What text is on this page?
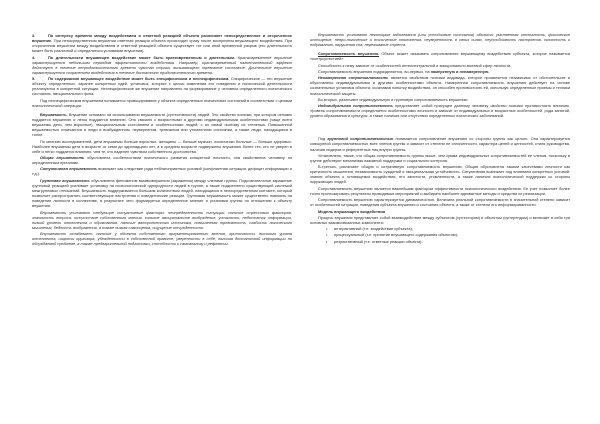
3.	По интересу времени между воздействием и ответной реакцией объекта различают непосредственное и отсроченное внушение. При непосредственном внушении ответная реакция объекта происходит сразу после восприятия внушающего воздействия. При отсроченном внушении между воздействием и ответной реакцией объекта существует тот или иной временной разрыв (его длительность может быть различной и определяться условиями внушения).

4.	По длительности внушающее воздействие может быть кратковременным и длительным. Кратковременное внушение характеризуется небольшим периодом эффективности воздействия. Например, кратковременный нагнетательный эффект действует в течение непродолжительного времени чувства страха, вызывающего тревожное состояние. Длительное внушение характеризуется сохранением воздействия в течение достаточно продолжительного времени.

5.	По содержанию внушающее воздействие может быть специфическим и неспецифическим. Специфическое — это внушение объекту определенных, заранее конкретных идей, установок, которые с целью изменения его поведения и психической деятельности реализуются в конкретной ситуации. Неспецифическое же внушение направлено на формирование у человека определенного психического состояния, эмоционального фона.

Под неспецифическим внушением понимается провоцирование у объекта определенных психических состояний в соответствии с целями психологической операции.

Внушаемость. Внушение основано на использовании внушаемости (суггестивности) людей. Это свойство психики, при котором человек поддается внушению и легко поддается влиянию. Оно связано с возрастными и другими индивидуальными особенностями (чаще всего внушаемы дети, чем взрослые), эмоциональным состоянием и особенностями людей, с их самой поэтому их степенью. Повышенной внушаемостью отличаются и люди в возбужденном, неуверенном, тревожном или утомленном состоянии, а также люди, находящиеся в толпе.

По мнению исследователей, дети внушаемы больше взрослых, женщины — больше мужчин, психически больные — больше здоровых. Наиболее внушаемы дети в возрасте от семи до одиннадцати лет, а в среднем возрасте подвержены внушению более тех, кто не уверен в себе и легко поддается влиянию, чем те, кто наделен чувством собственного достоинства.

Общая внушаемость обусловлена особенностями психического развития конкретной личности, она свойственна человеку по определенным причинам.

Ситуативная внушаемость возникает как следствие ряда неблагоприятных условий (конфликтная ситуация, дефицит информации и т.д.).

Групповая внушаемость обусловлена феноменом взаимовнушения (заражения) между членами группы. Подсознательное заражение групповой реакцией усиливает установку на психологической однородности людей в группе, а также подкреплено существующей системой межгрупповых отношений. Внушаемость поддерживается большим количеством людей, находящихся в непосредственном контакте, который позволяет распространять соответствующие настроения и поведенческие реакции. Групповая внушаемость может существенно повлиять на поведение личности в коллективе, в результате чего формируется определенное мнение и установки группы по отношению к объекту внушения.

Внушаемость усиливают следующие ситуативные факторы: неопределенность ситуации, наличие стрессовых факторов, значимость вопроса, отсутствие собственного мнения, сильное эмоциональное возбуждение, усталость, недостаток информации, низкий уровень интеллекта и образования, наличие авторитетного источника, повышенная тревожность, слабость логического мышления, бедность воображения, а также низкая самооценка, ощущение отчужденности.

Внушаемость ослабевает: наличие у объекта собственного аргументированного мнения, критичности, высокого уровня интеллекта, широты кругозора, убежденности в собственной правоте, уверенности в себе, наличия достаточной информации по обсуждаемой проблеме, а также предварительной подготовки, способности к самоанализу и рефлексии.

Внушаемость усиливают некоторые заболевания (или устойчивые состояния) объекта: умственная отсталость, физическое истощение, невро-логические и психические отклонения, неуверенность в своих силах, неустойчивость настроения, склонность к подражанию, нарушения сна, переживание стресса.

Сопротивляемость внушению. Объект может оказывать сопротивление внушающему воздействию субъекта, которое называется «контрсуггестией».

Способность к нему зависит от особенностей интеллектуальной и эмоционально-волевой сфер личности.

Сопротивляемость внушению подразделяется, во-первых, на намеренную и ненамеренную.

Ненамеренная сопротивляемость является свойством психики индивида, которое проявляется независимо от обстоятельств и обусловлено индивидуальными и другими особенностями объекта. Намеренная сопротивляемость внушению действует на основе сознательных установок объекта; осознавая попытку воздействия, он способен противостоять ей, используя определенные приемы и техники психологической защиты.

Во-вторых, различают индивидуальную и групповую сопротивляемость внушению.

Индивидуальная сопротивляемость представляет собой присущее данному человеку свойство психики противостоять влиянию. Уровень сопротивляемости определяется особенностями личности и зависит от индивидуальных и возрастных особенностей, рода занятий, уровня образования и культуры, а также наличия или отсутствия определенных психических заболеваний.

Под групповой сопротивляемостью понимается сопротивление внушению со стороны группы как целого. Она характеризуется совокупной сопротивляемостью всех членов группы и зависит от степени ее сплоченности, характера целей и ценностей, стиля руководства, наличия лидеров и референтных лиц внутри группы.

Установлено, также, что общая сопротивляемость группы выше, чем сумма индивидуальных сопротивляемостей ее членов, поскольку в группе действуют механизмы взаимной поддержки и социального контроля.

В-третьих, различают общую и ситуативную сопротивляемость внушению. Общая обусловлена такими качествами личности как критичность мышления, независимость суждений и эмоциональная устойчивость. Ситуативная возникает под влиянием конкретных условий: знания объекта о готовящемся воздействии, его занятости, утомленности, а также наличия психологической поддержки со стороны окружающих людей.

Сопротивляемость внушению является важнейшим фактором эффективности психологического воздействия. Ее учет позволяет более точно прогнозировать результаты проводимых мероприятий и выбирать наиболее адекватные методы и средства их реализации.

Сопротивляемость внушению характеризуется динамичностью. Величина реальной сопротивляемости в значительной степени зависит от особенностей ситуации, поведения субъекта внушения и состояния объекта, а также от степени его информированности.

Модель внушающего воздействия

Процесс внушения представляет собой взаимодействие между субъектом (суггестором) и объектом (суггерендом) и включает в себя три основных взаимосвязанных компонента:

• интерактивный (т.е. воздействие субъекта);
• процессуальный (т.е. принятие внушающего содержания объектом);
• результативный (т.е. ответные реакции объекта).
